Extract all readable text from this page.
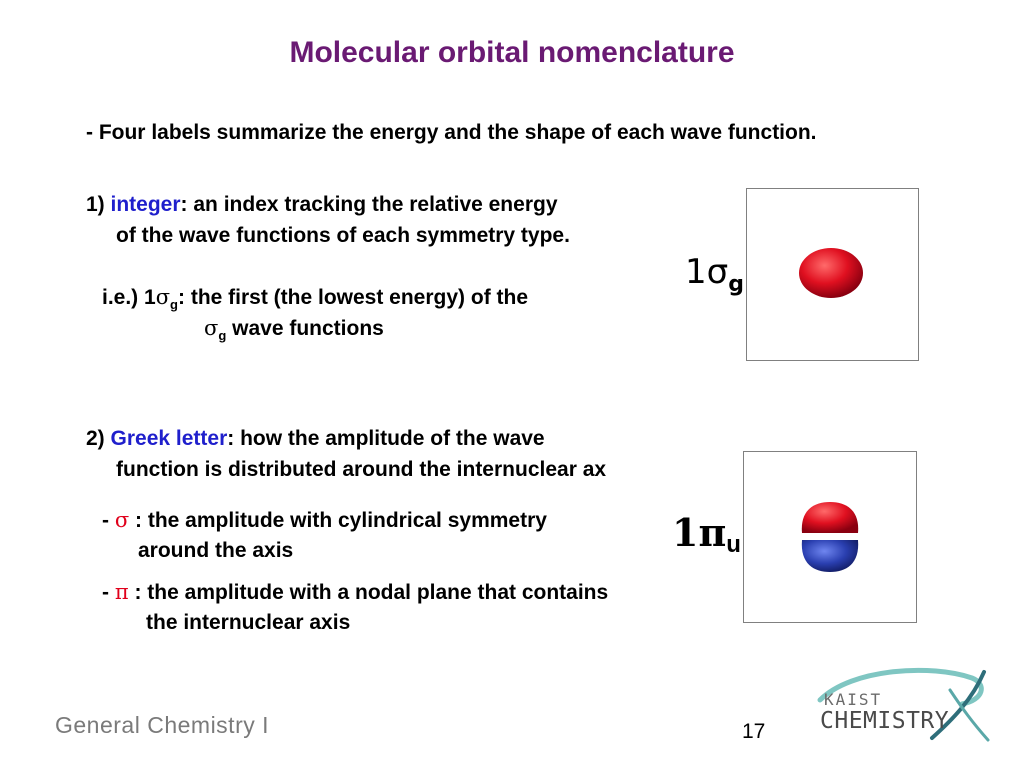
Molecular orbital nomenclature
- Four labels summarize the energy and the shape of each wave function.
1) integer: an index tracking the relative energy
of the wave functions of each symmetry type.
i.e.) $1\sigma_g$: the first (the lowest energy) of the
$\sigma_g$ wave functions
2) Greek letter: how the amplitude of the wave
function is distributed around the internuclear ax
- σ : the amplitude with cylindrical symmetry
around the axis
- π : the amplitude with a nodal plane that contains
the internuclear axis
$1\sigma_g$
1πu
General Chemistry I	17
KAIST
CHEMISTRY
